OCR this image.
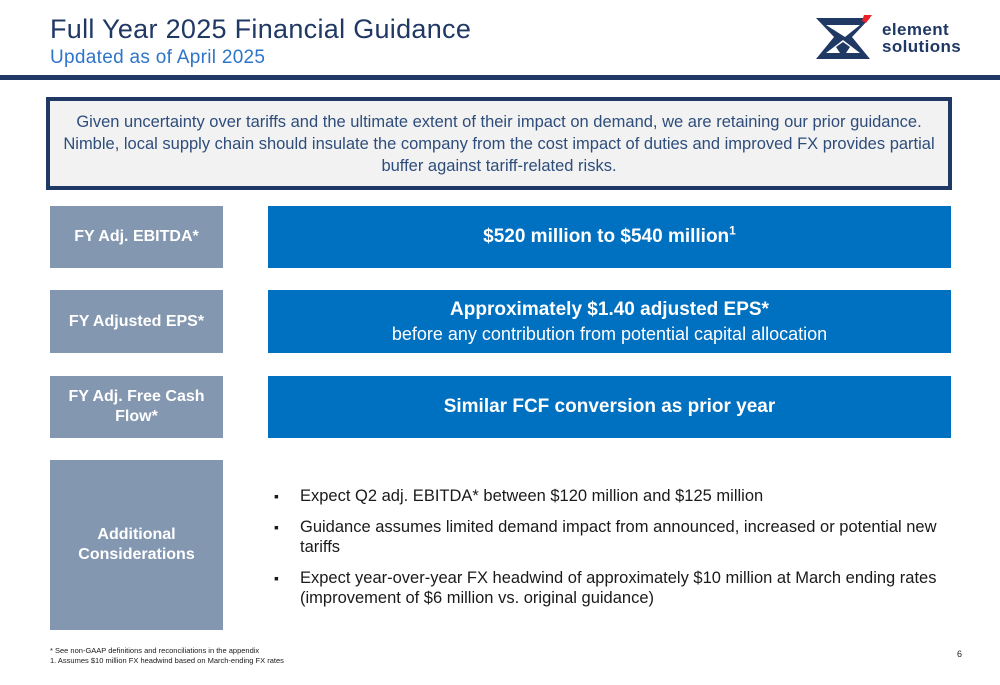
Full Year 2025 Financial Guidance
Updated as of April 2025
element
solutions

Given uncertainty over tariffs and the ultimate extent of their impact on demand, we are retaining our prior guidance. Nimble, local supply chain should insulate the company from the cost impact of duties and improved FX provides partial buffer against tariff-related risks.

FY Adj. EBITDA*	$520 million to $540 million$^1$
FY Adjusted EPS*
Approximately $1.40 adjusted EPS*
before any contribution from potential capital allocation
FY Adj. Free Cash Flow*	Similar FCF conversion as prior year
Additional Considerations
▪ Expect Q2 adj. EBITDA* between $120 million and $125 million
▪ Guidance assumes limited demand impact from announced, increased or potential new tariffs
▪ Expect year-over-year FX headwind of approximately $10 million at March ending rates (improvement of $6 million vs. original guidance)
* See non-GAAP definitions and reconciliations in the appendix
1. Assumes $10 million FX headwind based on March-ending FX rates
6
